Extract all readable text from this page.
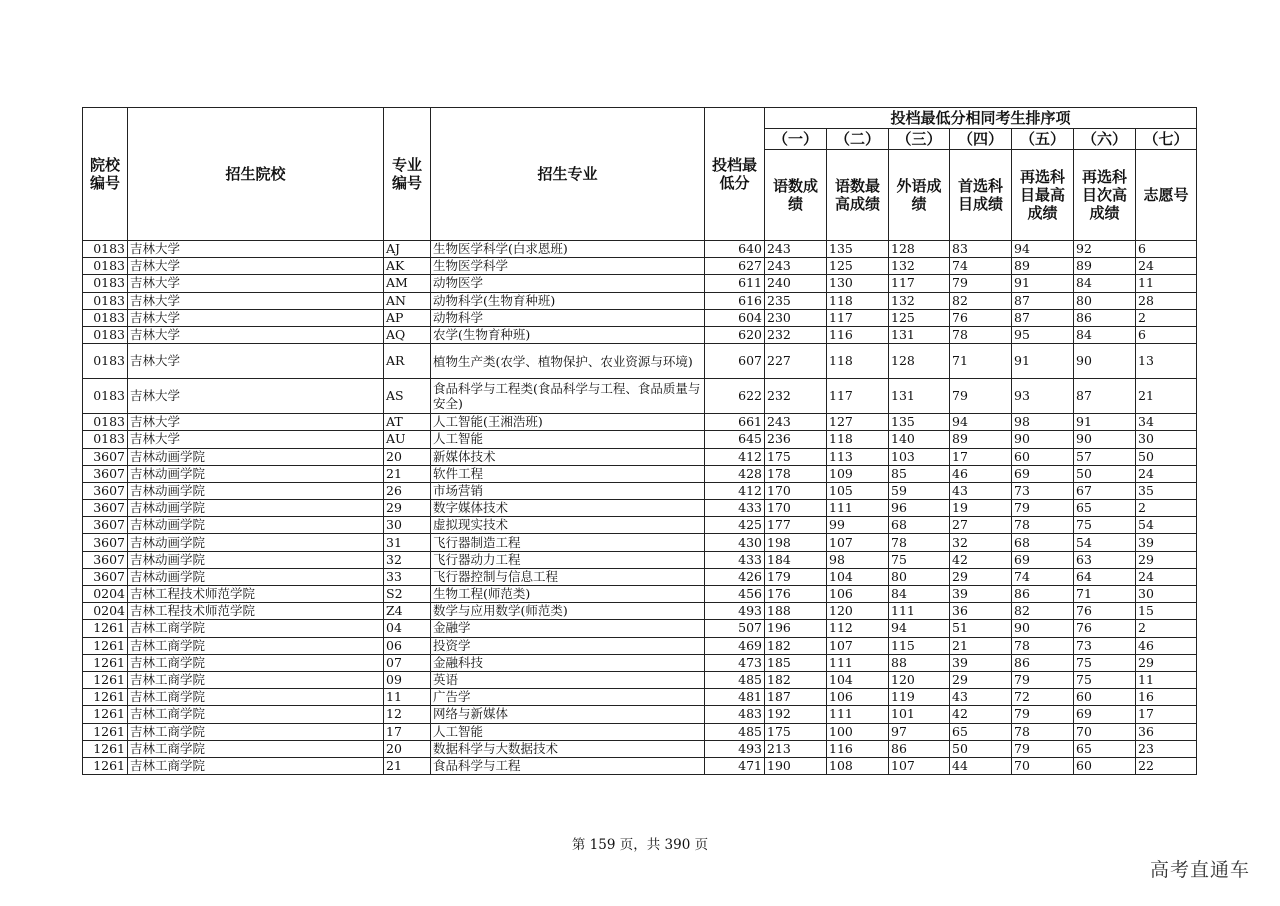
院校编号	招生院校	专业编号	招生专业	投档最低分	投档最低分相同考生排序项						
					（一）	（二）	（三）	（四）	（五）	（六）	（七）
					语数成绩	语数最高成绩	外语成绩	首选科目成绩	再选科目最高成绩	再选科目次高成绩	志愿号
0183	吉林大学	AJ	生物医学科学(白求恩班)	640	243	135	128	83	94	92	6
0183	吉林大学	AK	生物医学科学	627	243	125	132	74	89	89	24
0183	吉林大学	AM	动物医学	611	240	130	117	79	91	84	11
0183	吉林大学	AN	动物科学(生物育种班)	616	235	118	132	82	87	80	28
0183	吉林大学	AP	动物科学	604	230	117	125	76	87	86	2
0183	吉林大学	AQ	农学(生物育种班)	620	232	116	131	78	95	84	6
0183	吉林大学	AR	植物生产类(农学、植物保护、农业资源与环境)	607	227	118	128	71	91	90	13
0183	吉林大学	AS	食品科学与工程类(食品科学与工程、食品质量与安全)	622	232	117	131	79	93	87	21
0183	吉林大学	AT	人工智能(王湘浩班)	661	243	127	135	94	98	91	34
0183	吉林大学	AU	人工智能	645	236	118	140	89	90	90	30
3607	吉林动画学院	20	新媒体技术	412	175	113	103	17	60	57	50
3607	吉林动画学院	21	软件工程	428	178	109	85	46	69	50	24
3607	吉林动画学院	26	市场营销	412	170	105	59	43	73	67	35
3607	吉林动画学院	29	数字媒体技术	433	170	111	96	19	79	65	2
3607	吉林动画学院	30	虚拟现实技术	425	177	99	68	27	78	75	54
3607	吉林动画学院	31	飞行器制造工程	430	198	107	78	32	68	54	39
3607	吉林动画学院	32	飞行器动力工程	433	184	98	75	42	69	63	29
3607	吉林动画学院	33	飞行器控制与信息工程	426	179	104	80	29	74	64	24
0204	吉林工程技术师范学院	S2	生物工程(师范类)	456	176	106	84	39	86	71	30
0204	吉林工程技术师范学院	Z4	数学与应用数学(师范类)	493	188	120	111	36	82	76	15
1261	吉林工商学院	04	金融学	507	196	112	94	51	90	76	2
1261	吉林工商学院	06	投资学	469	182	107	115	21	78	73	46
1261	吉林工商学院	07	金融科技	473	185	111	88	39	86	75	29
1261	吉林工商学院	09	英语	485	182	104	120	29	79	75	11
1261	吉林工商学院	11	广告学	481	187	106	119	43	72	60	16
1261	吉林工商学院	12	网络与新媒体	483	192	111	101	42	79	69	17
1261	吉林工商学院	17	人工智能	485	175	100	97	65	78	70	36
1261	吉林工商学院	20	数据科学与大数据技术	493	213	116	86	50	79	65	23
1261	吉林工商学院	21	食品科学与工程	471	190	108	107	44	70	60	22
第 159 页，共 390 页
高考直通车
